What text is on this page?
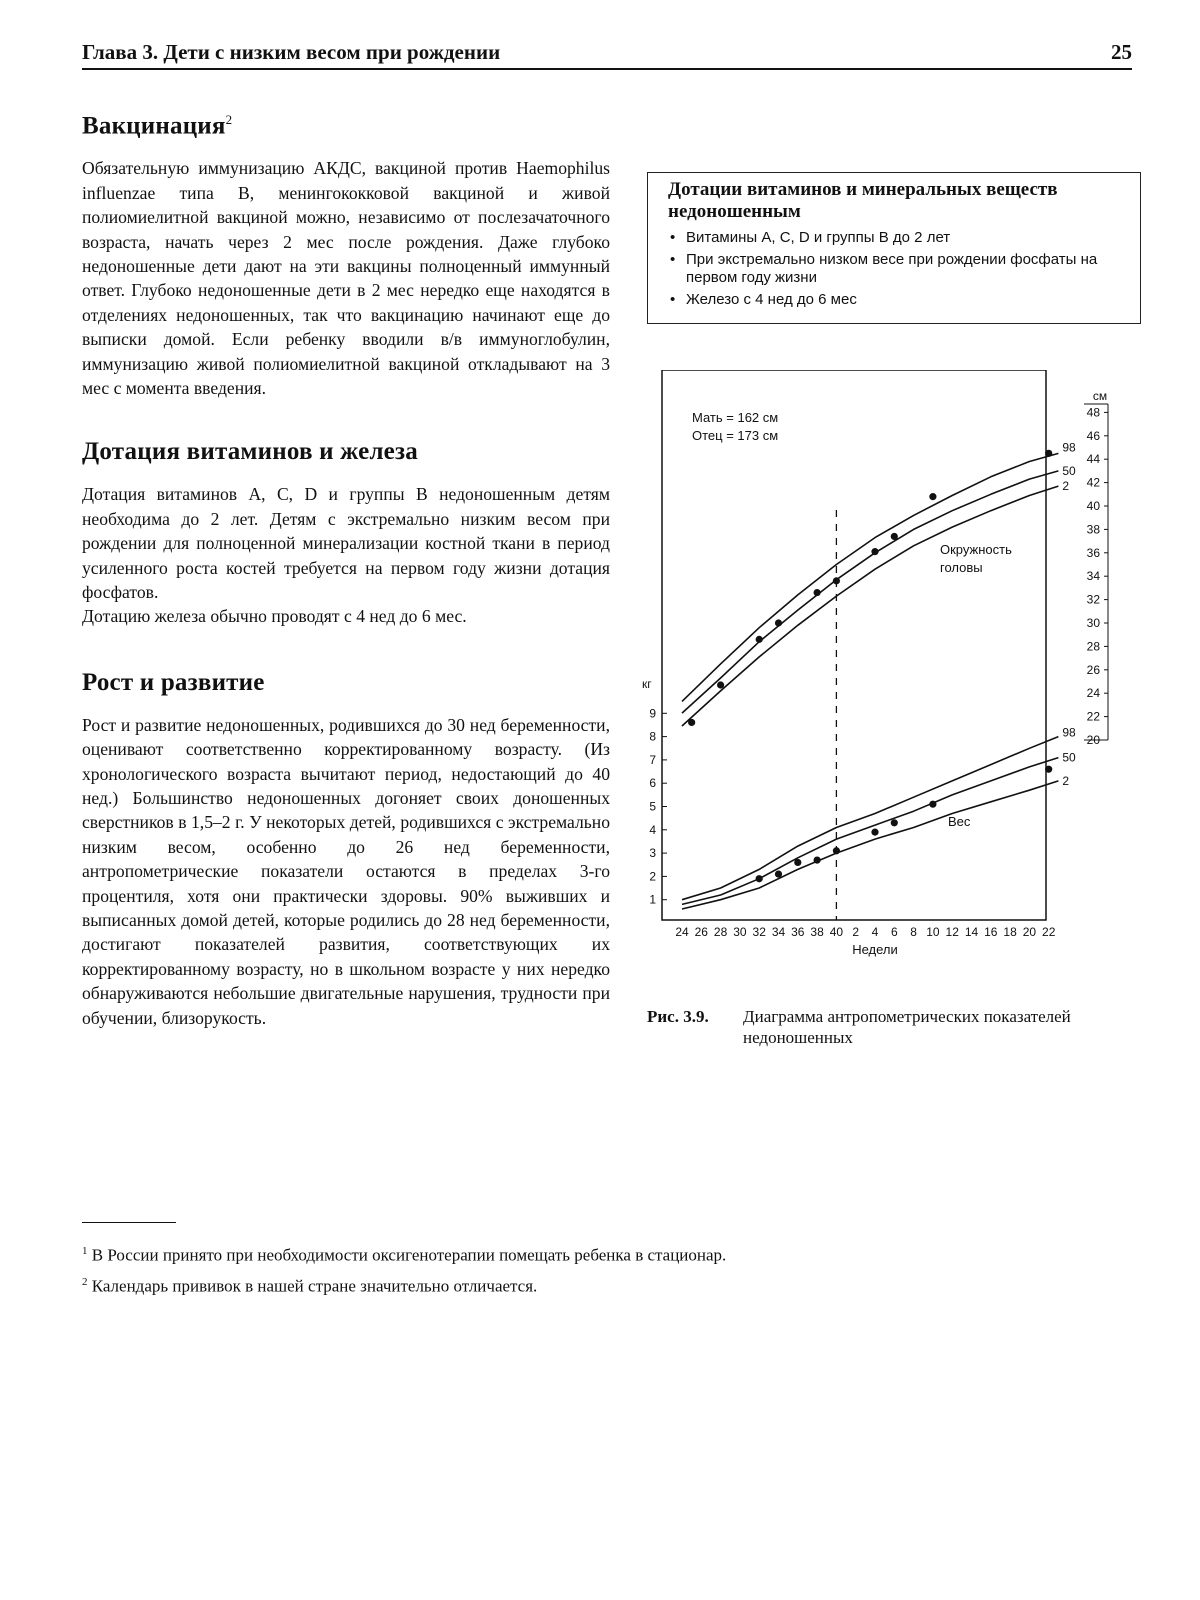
Глава 3. Дети с низким весом при рождении	25
Вакцинация$^2$

Обязательную иммунизацию АКДС, вакциной против Haemophilus influenzae типа В, менингококковой вакциной и живой полиомиелитной вакциной можно, независимо от послезачаточного возраста, начать через 2 мес после рождения. Даже глубоко недоношенные дети дают на эти вакцины полноценный иммунный ответ. Глубоко недоношенные дети в 2 мес нередко еще находятся в отделениях недоношенных, так что вакцинацию начинают еще до выписки домой. Если ребенку вводили в/в иммуноглобулин, иммунизацию живой полиомиелитной вакциной откладывают на 3 мес с момента введения.

Дотация витаминов и железа

Дотация витаминов А, С, D и группы В недоношенным детям необходима до 2 лет. Детям с экстремально низким весом при рождении для полноценной минерализации костной ткани в период усиленного роста костей требуется на первом году жизни дотация фосфатов.

Дотацию железа обычно проводят с 4 нед до 6 мес.

Рост и развитие

Рост и развитие недоношенных, родившихся до 30 нед беременности, оценивают соответственно корректированному возрасту. (Из хронологического возраста вычитают период, недостающий до 40 нед.) Большинство недоношенных догоняет своих доношенных сверстников в 1,5–2 г. У некоторых детей, родившихся с экстремально низким весом, особенно до 26 нед беременности, антропометрические показатели остаются в пределах 3-го процентиля, хотя они практически здоровы. 90% выживших и выписанных домой детей, которые родились до 28 нед беременности, достигают показателей развития, соответствующих их корректированному возрасту, но в школьном возрасте у них нередко обнаруживаются небольшие двигательные нарушения, трудности при обучении, близорукость.

Дотации витаминов и минеральных веществ недоношенным
• Витамины А, С, D и группы В до 2 лет
• При экстремально низком весе при рождении фосфаты на первом году жизни
• Железо с 4 нед до 6 мес
кг
1
2
3
4
5
6
7
8
9
см
20
22
24
26
28
30
32
34
36
38
40
42
44
46
48
24 26 28 30 32 34 36 38 40 2 4 6 8 10 12 14 16 18 20 22
Недели
Мать = 162 см
Отец = 173 см
98
50
2
Окружность головы
98
50
2
Вес
Рис. 3.9. Диаграмма антропометрических показателей недоношенных
$^1$ В России принято при необходимости оксигенотерапии помещать ребенка в стационар.
$^2$ Календарь прививок в нашей стране значительно отличается.
